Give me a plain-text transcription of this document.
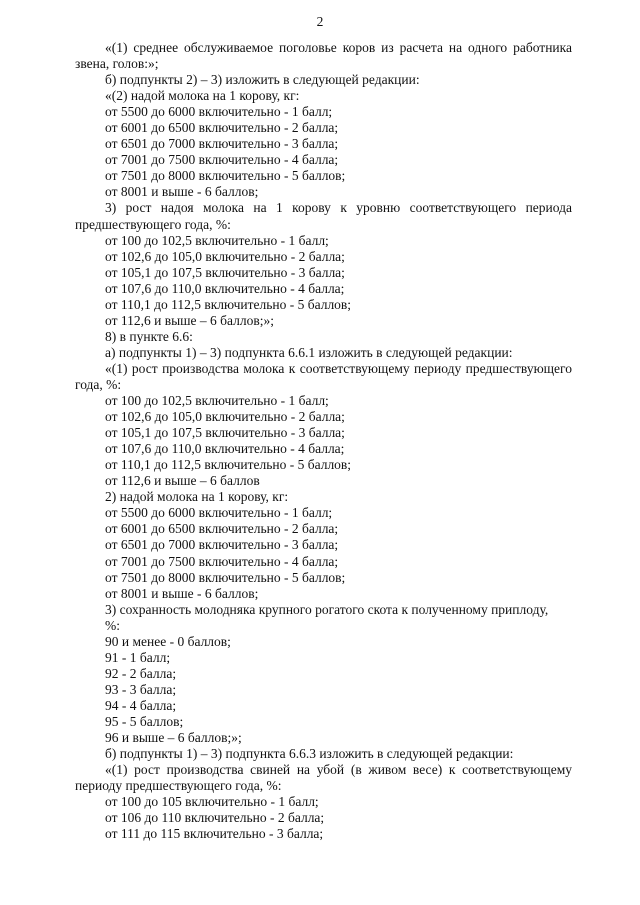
2

«(1) среднее обслуживаемое поголовье коров из расчета на одного работника звена, голов:»;

б) подпункты 2) – 3) изложить в следующей редакции:

«(2) надой молока на 1 корову, кг:

от 5500 до 6000 включительно - 1 балл;

от 6001 до 6500 включительно - 2 балла;

от 6501 до 7000 включительно - 3 балла;

от 7001 до 7500 включительно - 4 балла;

от 7501 до 8000 включительно - 5 баллов;

от 8001 и выше - 6 баллов;

3) рост надоя молока на 1 корову к уровню соответствующего периода предшествующего года, %:

от 100 до 102,5 включительно - 1 балл;

от 102,6 до 105,0 включительно - 2 балла;

от 105,1 до 107,5 включительно - 3 балла;

от 107,6 до 110,0 включительно - 4 балла;

от 110,1 до 112,5 включительно - 5 баллов;

от 112,6 и выше – 6 баллов;»;

8) в пункте 6.6:

а) подпункты 1) – 3) подпункта 6.6.1 изложить в следующей редакции:

«(1) рост производства молока к соответствующему периоду предшествующего года, %:

от 100 до 102,5 включительно - 1 балл;

от 102,6 до 105,0 включительно - 2 балла;

от 105,1 до 107,5 включительно - 3 балла;

от 107,6 до 110,0 включительно - 4 балла;

от 110,1 до 112,5 включительно - 5 баллов;

от 112,6 и выше – 6 баллов

2) надой молока на 1 корову, кг:

от 5500 до 6000 включительно - 1 балл;

от 6001 до 6500 включительно - 2 балла;

от 6501 до 7000 включительно - 3 балла;

от 7001 до 7500 включительно - 4 балла;

от 7501 до 8000 включительно - 5 баллов;

от 8001 и выше - 6 баллов;

3) сохранность молодняка крупного рогатого скота к полученному приплоду,

%:

90 и менее - 0 баллов;

91 - 1 балл;

92 - 2 балла;

93 - 3 балла;

94 - 4 балла;

95 - 5 баллов;

96 и выше – 6 баллов;»;

б) подпункты 1) – 3) подпункта 6.6.3 изложить в следующей редакции:

«(1) рост производства свиней на убой (в живом весе) к соответствующему периоду предшествующего года, %:

от 100 до 105 включительно - 1 балл;

от 106 до 110 включительно - 2 балла;

от 111 до 115 включительно - 3 балла;
